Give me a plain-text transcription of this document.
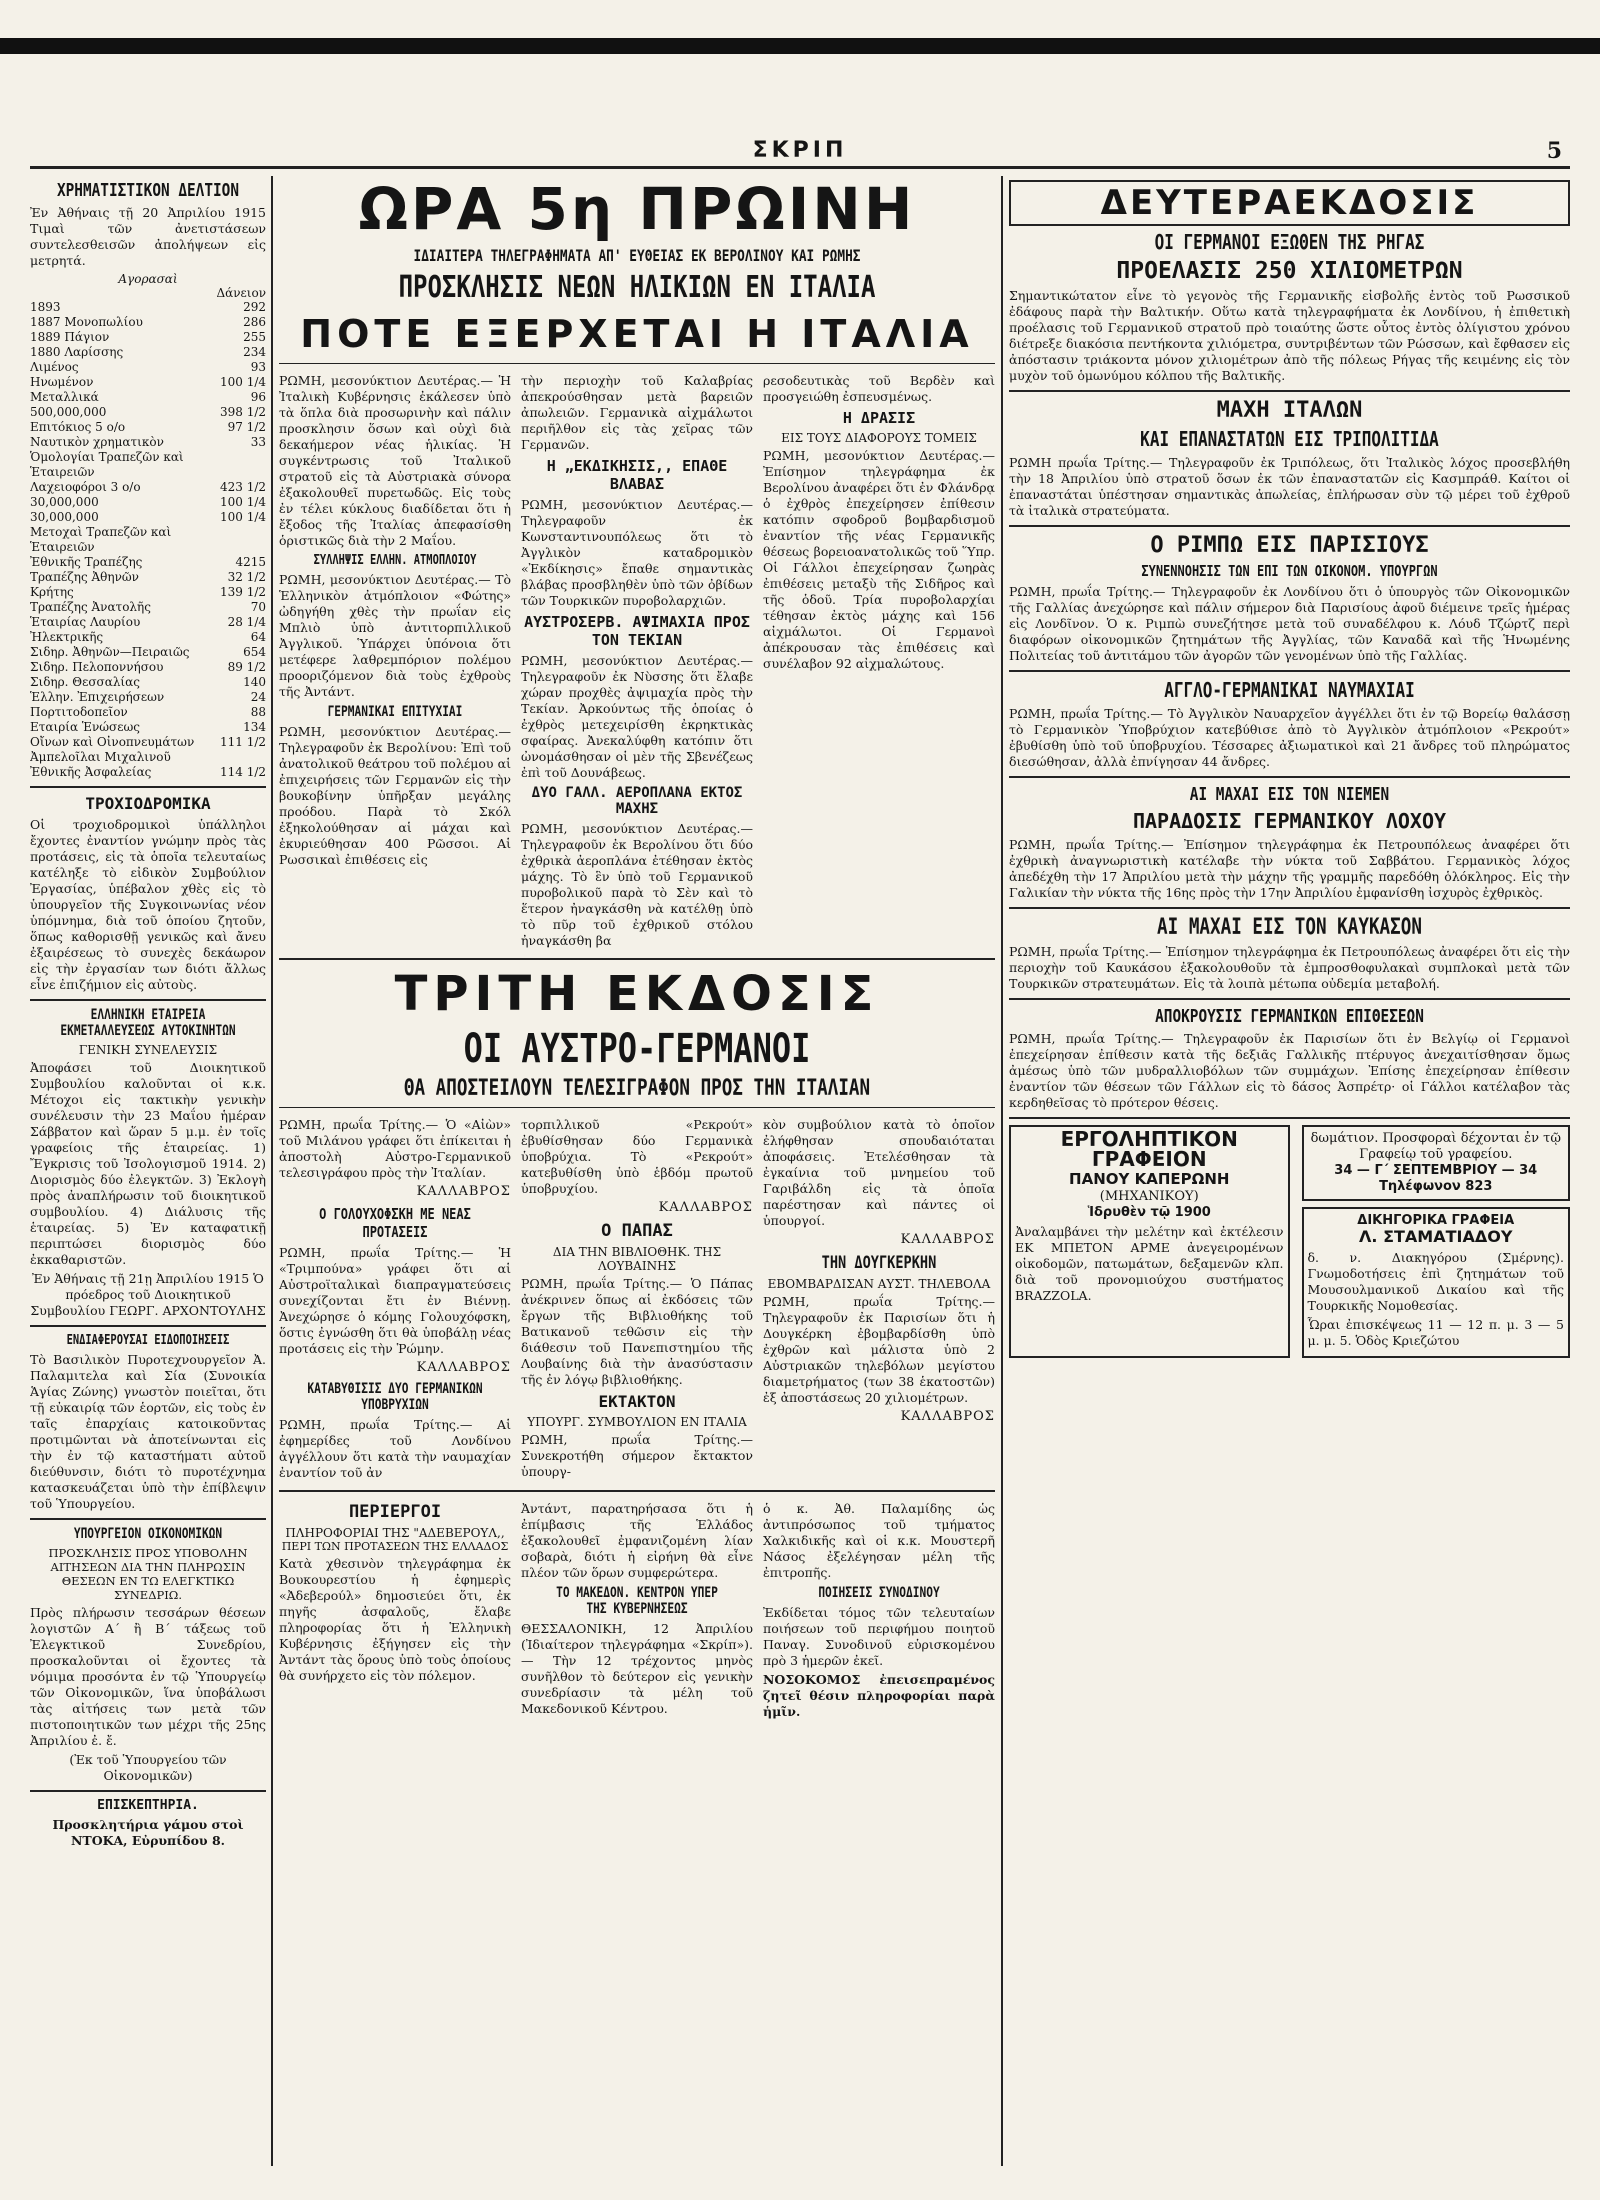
ΣΚΡΙΠ	5
ΧΡΗΜΑΤΙΣΤΙΚΟΝ ΔΕΛΤΙΟΝ

Ἐν Ἀθήναις τῇ 20 Ἀπριλίου 1915 Τιμαὶ τῶν ἀνετιστάσεων συντελεσθεισῶν ἀπολήψεων εἰς μετρητά.

Αγορασαὶ
Δάνειον
1893	292
1887 Μονοπωλίου	286
1889 Πάγιον	255
1880 Λαρίσσης	234
Λιμένος	93
Ηνωμένον	100 1/4
Μεταλλικά	96
500,000,000	398 1/2
Επιτόκιος 5 ο/ο	97 1/2
Ναυτικὸν χρηματικὸν	33
Ὁμολογίαι Τραπεζῶν καὶ Ἑταιρειῶν	
Λαχειοφόροι 3 ο/ο	423 1/2
30,000,000	100 1/4
30,000,000	100 1/4
Μετοχαὶ Τραπεζῶν καὶ Ἑταιρειῶν	
Ἐθνικῆς Τραπέζης	4215
Τραπέζης Ἀθηνῶν	32 1/2
Κρήτης	139 1/2
Τραπέζης Ἀνατολῆς	70
Ἑταιρίας Λαυρίου	28 1/4
Ἠλεκτρικῆς	64
Σιδηρ. Ἀθηνῶν—Πειραιῶς	654
Σιδηρ. Πελοποννήσου	89 1/2
Σιδηρ. Θεσσαλίας	140
Ἑλλην. Ἐπιχειρήσεων	24
Πορτιτοδοπεῖον	88
Εταιρία Ἑνώσεως	134
Οἴνων καὶ Οἰνοπνευμάτων	111 1/2
Ἀμπελοῖλαι Μιχαλινοῦ	
Ἐθνικῆς Ἀσφαλείας	114 1/2
ΤΡΟΧΙΟΔΡΟΜΙΚΑ

Οἱ τροχιοδρομικοὶ ὑπάλληλοι ἔχοντες ἐναντίον γνώμην πρὸς τὰς προτάσεις, εἰς τὰ ὁποῖα τελευταίως κατέληξε τὸ εἰδικὸν Συμβούλιον Ἐργασίας, ὑπέβαλον χθὲς εἰς τὸ ὑπουργεῖον τῆς Συγκοινωνίας νέον ὑπόμνημα, διὰ τοῦ ὁποίου ζητοῦν, ὅπως καθορισθῇ γενικῶς καὶ ἄνευ ἐξαιρέσεως τὸ συνεχὲς δεκάωρον εἰς τὴν ἐργασίαν των διότι ἄλλως εἶνε ἐπιζήμιον εἰς αὐτοὺς.

ΕΛΛΗΝΙΚΗ ΕΤΑΙΡΕΙΑ ΕΚΜΕΤΑΛΛΕΥΣΕΩΣ ΑΥΤΟΚΙΝΗΤΩΝ
ΓΕΝΙΚΗ ΣΥΝΕΛΕΥΣΙΣ

Ἀποφάσει τοῦ Διοικητικοῦ Συμβουλίου καλοῦνται οἱ κ.κ. Μέτοχοι εἰς τακτικὴν γενικὴν συνέλευσιν τὴν 23 Μαΐου ἡμέραν Σάββατον καὶ ὥραν 5 μ.μ. ἐν τοῖς γραφείοις τῆς ἑταιρείας. 1) Ἔγκρισις τοῦ Ἰσολογισμοῦ 1914. 2) Διορισμὸς δύο ἐλεγκτῶν. 3) Ἐκλογὴ πρὸς ἀναπλήρωσιν τοῦ διοικητικοῦ συμβουλίου. 4) Διάλυσις τῆς ἑταιρείας. 5) Ἐν καταφατικῇ περιπτώσει διορισμὸς δύο ἐκκαθαριστῶν.

Ἐν Ἀθήναις τῇ 21ῃ Ἀπριλίου 1915 Ὁ πρόεδρος τοῦ Διοικητικοῦ Συμβουλίου ΓΕΩΡΓ. ΑΡΧΟΝΤΟΥΛΗΣ

ΕΝΔΙΑΦΕΡΟΥΣΑΙ ΕΙΔΟΠΟΙΗΣΕΙΣ

Τὸ Βασιλικὸν Πυροτεχνουργεῖον Ἀ. Παλαμιτελα καὶ Σία (Συνοικία Ἁγίας Ζώνης) γνωστὸν ποιεῖται, ὅτι τῇ εὐκαιρίᾳ τῶν ἑορτῶν, εἰς τοὺς ἐν ταῖς ἐπαρχίαις κατοικοῦντας προτιμῶνται νὰ ἀποτείνωνται εἰς τὴν ἐν τῷ καταστήματι αὐτοῦ διεύθυνσιν, διότι τὸ πυροτέχνημα κατασκευάζεται ὑπὸ τὴν ἐπίβλεψιν τοῦ Ὑπουργείου.

ΥΠΟΥΡΓΕΙΟΝ ΟΙΚΟΝΟΜΙΚΩΝ
ΠΡΟΣΚΛΗΣΙΣ ΠΡΟΣ ΥΠΟΒΟΛΗΝ ΑΙΤΗΣΕΩΝ ΔΙΑ ΤΗΝ ΠΛΗΡΩΣΙΝ ΘΕΣΕΩΝ ΕΝ ΤΩ ΕΛΕΓΚΤΙΚΩ ΣΥΝΕΔΡΙΩ.

Πρὸς πλήρωσιν τεσσάρων θέσεων λογιστῶν Α΄ ἢ Β΄ τάξεως τοῦ Ἐλεγκτικοῦ Συνεδρίου, προσκαλοῦνται οἱ ἔχοντες τὰ νόμιμα προσόντα ἐν τῷ Ὑπουργείῳ τῶν Οἰκονομικῶν, ἵνα ὑποβάλωσι τὰς αἰτήσεις των μετὰ τῶν πιστοποιητικῶν των μέχρι τῆς 25ης Ἀπριλίου ἐ. ἔ.

(Ἐκ τοῦ Ὑπουργείου τῶν Οἰκονομικῶν)

ΕΠΙΣΚΕΠΤΗΡΙΑ.

Προσκλητήρια γάμου στοὶ ΝΤΟΚΑ, Εὐρυπίδου 8.

ΩΡΑ 5η ΠΡΩΙΝΗ
ΙΔΙΑΙΤΕΡΑ ΤΗΛΕΓΡΑΦΗΜΑΤΑ ΑΠ' ΕΥΘΕΙΑΣ ΕΚ ΒΕΡΟΛΙΝΟΥ ΚΑΙ ΡΩΜΗΣ
ΠΡΟΣΚΛΗΣΙΣ ΝΕΩΝ ΗΛΙΚΙΩΝ ΕΝ ΙΤΑΛΙΑ
ΠΟΤΕ ΕΞΕΡΧΕΤΑΙ Η ΙΤΑΛΙΑ

ΡΩΜΗ, μεσονύκτιον Δευτέρας.— Ἡ Ἰταλικὴ Κυβέρνησις ἐκάλεσεν ὑπὸ τὰ ὅπλα διὰ προσωρινὴν καὶ πάλιν προσκλησιν ὅσων καὶ οὐχὶ διὰ δεκαήμερον νέας ἡλικίας. Ἡ συγκέντρωσις τοῦ Ἰταλικοῦ στρατοῦ εἰς τὰ Αὐστριακὰ σύνορα ἐξακολουθεῖ πυρετωδῶς. Εἰς τοὺς ἐν τέλει κύκλους διαδίδεται ὅτι ἡ ἔξοδος τῆς Ἰταλίας ἀπεφασίσθη ὁριστικῶς διὰ τὴν 2 Μαΐου.

ΣΥΛΛΗΨΙΣ ΕΛΛΗΝ. ΑΤΜΟΠΛΟΙΟΥ

ΡΩΜΗ, μεσονύκτιον Δευτέρας.— Τὸ Ἑλληνικὸν ἀτμόπλοιον «Φώτης» ὠδηγήθη χθὲς τὴν πρωΐαν εἰς Μπλιὸ ὑπὸ ἀντιτορπιλλικοῦ Ἀγγλικοῦ. Ὑπάρχει ὑπόνοια ὅτι μετέφερε λαθρεμπόριον πολέμου προοριζόμενον διὰ τοὺς ἐχθροὺς τῆς Ἀντάντ.

ΓΕΡΜΑΝΙΚΑΙ ΕΠΙΤΥΧΙΑΙ

ΡΩΜΗ, μεσονύκτιον Δευτέρας.— Τηλεγραφοῦν ἐκ Βερολίνου: Ἐπὶ τοῦ ἀνατολικοῦ θεάτρου τοῦ πολέμου αἱ ἐπιχειρήσεις τῶν Γερμανῶν εἰς τὴν βουκοβίνην ὑπῆρξαν μεγάλης προόδου. Παρὰ τὸ Σκόλ ἐξηκολούθησαν αἱ μάχαι καὶ ἐκυριεύθησαν 400 Ρῶσσοι. Αἱ Ρωσσικαὶ ἐπιθέσεις εἰς

τὴν περιοχὴν τοῦ Καλαβρίας ἀπεκρούσθησαν μετὰ βαρειῶν ἀπωλειῶν. Γερμανικὰ αἰχμάλωτοι περιῆλθον εἰς τὰς χεῖρας τῶν Γερμανῶν.

Η „ΕΚΔΙΚΗΣΙΣ,, ΕΠΑΘΕ ΒΛΑΒΑΣ

ΡΩΜΗ, μεσονύκτιον Δευτέρας.— Τηλεγραφοῦν ἐκ Κωνσταντινουπόλεως ὅτι τὸ Ἀγγλικὸν καταδρομικὸν «Ἐκδίκησις» ἔπαθε σημαντικὰς βλάβας προσβληθὲν ὑπὸ τῶν ὀβίδων τῶν Τουρκικῶν πυροβολαρχιῶν.

ΑΥΣΤΡΟΣΕΡΒ. ΑΨΙΜΑΧΙΑ ΠΡΟΣ ΤΟΝ ΤΕΚΙΑΝ

ΡΩΜΗ, μεσονύκτιον Δευτέρας.— Τηλεγραφοῦν ἐκ Νὺσσης ὅτι ἔλαβε χώραν προχθὲς ἀψιμαχία πρὸς τὴν Τεκίαν. Ἀρκούντως τῆς ὁποίας ὁ ἐχθρὸς μετεχειρίσθη ἐκρηκτικὰς σφαίρας. Ἀνεκαλύφθη κατόπιν ὅτι ὠνομάσθησαν οἱ μὲν τῆς Σβενέζεως ἐπὶ τοῦ Δουνάβεως.

ΔΥΟ ΓΑΛΛ. ΑΕΡΟΠΛΑΝΑ ΕΚΤΟΣ ΜΑΧΗΣ

ΡΩΜΗ, μεσονύκτιον Δευτέρας.— Τηλεγραφοῦν ἐκ Βερολίνου ὅτι δύο ἐχθρικὰ ἀεροπλάνα ἐτέθησαν ἐκτὸς μάχης. Τὸ ἓν ὑπὸ τοῦ Γερμανικοῦ πυροβολικοῦ παρὰ τὸ Σὲν καὶ τὸ ἕτερον ἠναγκάσθη νὰ κατέλθῃ ὑπὸ τὸ πῦρ τοῦ ἐχθρικοῦ στόλου ἠναγκάσθη βα

ρεσοδευτικὰς τοῦ Βερδὲν καὶ προσγειώθη ἐσπευσμένως.

Η ΔΡΑΣΙΣ
ΕΙΣ ΤΟΥΣ ΔΙΑΦΟΡΟΥΣ ΤΟΜΕΙΣ

ΡΩΜΗ, μεσονύκτιον Δευτέρας.— Ἐπίσημον τηλεγράφημα ἐκ Βερολίνου ἀναφέρει ὅτι ἐν Φλάνδρᾳ ὁ ἐχθρὸς ἐπεχείρησεν ἐπίθεσιν κατόπιν σφοδροῦ βομβαρδισμοῦ ἐναντίον τῆς νέας Γερμανικῆς θέσεως βορειοανατολικῶς τοῦ Ὕπρ. Οἱ Γάλλοι ἐπεχείρησαν ζωηρὰς ἐπιθέσεις μεταξὺ τῆς Σιδῆρος καὶ τῆς ὁδοῦ. Τρία πυροβολαρχίαι τέθησαν ἐκτὸς μάχης καὶ 156 αἰχμάλωτοι. Οἱ Γερμανοὶ ἀπέκρουσαν τὰς ἐπιθέσεις καὶ συνέλαβον 92 αἰχμαλώτους.

ΤΡΙΤΗ ΕΚΔΟΣΙΣ
ΟΙ ΑΥΣΤΡΟ-ΓΕΡΜΑΝΟΙ
ΘΑ ΑΠΟΣΤΕΙΛΟΥΝ ΤΕΛΕΣΙΓΡΑΦΟΝ ΠΡΟΣ ΤΗΝ ΙΤΑΛΙΑΝ

ΡΩΜΗ, πρωΐα Τρίτης.— Ὁ «Αἰὼν» τοῦ Μιλάνου γράφει ὅτι ἐπίκειται ἡ ἀποστολὴ Αὐστρο-Γερμανικοῦ τελεσιγράφου πρὸς τὴν Ἰταλίαν.

ΚΑΛΛΑΒΡΟΣ
Ο ΓΟΛΟΥΧΟΦΣΚΗ ΜΕ ΝΕΑΣ ΠΡΟΤΑΣΕΙΣ

ΡΩΜΗ, πρωΐα Τρίτης.— Ἡ «Τριμπούνα» γράφει ὅτι αἱ Αὐστροϊταλικαὶ διαπραγματεύσεις συνεχίζονται ἔτι ἐν Βιέννῃ. Ἀνεχώρησε ὁ κόμης Γολουχόφσκη, ὅστις ἐγνώσθη ὅτι θὰ ὑποβάλῃ νέας προτάσεις εἰς τὴν Ῥώμην.

ΚΑΛΛΑΒΡΟΣ
ΚΑΤΑΒΥΘΙΣΙΣ ΔΥΟ ΓΕΡΜΑΝΙΚΩΝ ΥΠΟΒΡΥΧΙΩΝ

ΡΩΜΗ, πρωΐα Τρίτης.— Αἱ ἐφημερίδες τοῦ Λονδίνου ἀγγέλλουν ὅτι κατὰ τὴν ναυμαχίαν ἐναντίον τοῦ ἀν

τορπιλλικοῦ «Ρεκρούτ» ἐβυθίσθησαν δύο Γερμανικὰ ὑποβρύχια. Τὸ «Ρεκρούτ» κατεβυθίσθη ὑπὸ ἑβδόμ πρωτοῦ ὑποβρυχίου.

ΚΑΛΛΑΒΡΟΣ
Ο ΠΑΠΑΣ
ΔΙΑ ΤΗΝ ΒΙΒΛΙΟΘΗΚ. ΤΗΣ ΛΟΥΒΑΙΝΗΣ

ΡΩΜΗ, πρωΐα Τρίτης.— Ὁ Πάπας ἀνέκρινεν ὅπως αἱ ἐκδόσεις τῶν ἔργων τῆς Βιβλιοθήκης τοῦ Βατικανοῦ τεθῶσιν εἰς τὴν διάθεσιν τοῦ Πανεπιστημίου τῆς Λουβαίνης διὰ τὴν ἀνασύστασιν τῆς ἐν λόγῳ βιβλιοθήκης.

ΕΚΤΑΚΤΟΝ
ΥΠΟΥΡΓ. ΣΥΜΒΟΥΛΙΟΝ ΕΝ ΙΤΑΛΙΑ

ΡΩΜΗ, πρωΐα Τρίτης.— Συνεκροτήθη σήμερον ἔκτακτον ὑπουργ-

κὸν συμβούλιον κατὰ τὸ ὁποῖον ἐλήφθησαν σπουδαιόταται ἀποφάσεις. Ἐτελέσθησαν τὰ ἐγκαίνια τοῦ μνημείου τοῦ Γαριβάλδη εἰς τὰ ὁποῖα παρέστησαν καὶ πάντες οἱ ὑπουργοί.

ΚΑΛΛΑΒΡΟΣ
ΤΗΝ ΔΟΥΓΚΕΡΚΗΝ
ΕΒΟΜΒΑΡΔΙΣΑΝ ΑΥΣΤ. ΤΗΛΕΒΟΛΑ

ΡΩΜΗ, πρωΐα Τρίτης.— Τηλεγραφοῦν ἐκ Παρισίων ὅτι ἡ Δουγκέρκη ἐβομβαρδίσθη ὑπὸ ἐχθρῶν καὶ μάλιστα ὑπὸ 2 Αὐστριακῶν τηλεβόλων μεγίστου διαμετρήματος (των 38 ἑκατοστῶν) ἐξ ἀποστάσεως 20 χιλιομέτρων.

ΚΑΛΛΑΒΡΟΣ
ΠΕΡΙΕΡΓΟΙ
ΠΛΗΡΟΦΟΡΙΑΙ ΤΗΣ "ΑΔΕΒΕΡΟΥΛ,,
ΠΕΡΙ ΤΩΝ ΠΡΟΤΑΣΕΩΝ ΤΗΣ ΕΛΛΑΔΟΣ

Κατὰ χθεσινὸν τηλεγράφημα ἐκ Βουκουρεστίου ἡ ἐφημερὶς «Ἀδεβερούλ» δημοσιεύει ὅτι, ἐκ πηγῆς ἀσφαλοῦς, ἔλαβε πληροφορίας ὅτι ἡ Ἑλληνικὴ Κυβέρνησις ἐξήγησεν εἰς τὴν Ἀντάντ τὰς ὅρους ὑπὸ τοὺς ὁποίους θὰ συνήρχετο εἰς τὸν πόλεμον.

Ἀντάντ, παρατηρήσασα ὅτι ἡ ἐπίμβασις τῆς Ἑλλάδος ἐξακολουθεῖ ἐμφανιζομένη λίαν σοβαρὰ, διότι ἡ εἰρήνη θὰ εἶνε πλέον τῶν ὅρων συμφερώτερα.

ΤΟ ΜΑΚΕΔΟΝ. ΚΕΝΤΡΟΝ ΥΠΕΡ ΤΗΣ ΚΥΒΕΡΝΗΣΕΩΣ

ΘΕΣΣΑΛΟΝΙΚΗ, 12 Ἀπριλίου (Ἰδιαίτερον τηλεγράφημα «Σκρίπ»).— Τὴν 12 τρέχοντος μηνὸς συνῆλθον τὸ δεύτερον εἰς γενικὴν συνεδρίασιν τὰ μέλη τοῦ Μακεδονικοῦ Κέντρου.

ὁ κ. Ἀθ. Παλαμίδης ὡς ἀντιπρόσωπος τοῦ τμήματος Χαλκιδικῆς καὶ οἱ κ.κ. Μουστερῆ Νάσος ἐξελέγησαν μέλη τῆς ἐπιτροπῆς.

ΠΟΙΗΣΕΙΣ ΣΥΝΟΔΙΝΟΥ

Ἐκδίδεται τόμος τῶν τελευταίων ποιήσεων τοῦ περιφήμου ποιητοῦ Παναγ. Συνοδινοῦ εὑρισκομένου πρὸ 3 ἡμερῶν ἐκεῖ.

ΝΟΣΟΚΟΜΟΣ ἐπεισεπραμένος ζητεῖ θέσιν πληροφορίαι παρὰ ἡμῖν.

ΔΕΥΤΕΡΑΕΚΔΟΣΙΣ
ΟΙ ΓΕΡΜΑΝΟΙ ΕΞΩΘΕΝ ΤΗΣ ΡΗΓΑΣ
ΠΡΟΕΛΑΣΙΣ 250 ΧΙΛΙΟΜΕΤΡΩΝ

Σημαντικώτατον εἶνε τὸ γεγονὸς τῆς Γερμανικῆς εἰσβολῆς ἐντὸς τοῦ Ρωσσικοῦ ἐδάφους παρὰ τὴν Βαλτικήν. Οὕτω κατὰ τηλεγραφήματα ἐκ Λονδίνου, ἡ ἐπιθετικὴ προέλασις τοῦ Γερμανικοῦ στρατοῦ πρὸ τοιαύτης ὥστε οὗτος ἐντὸς ὀλίγιστου χρόνου διέτρεξε διακόσια πεντήκοντα χιλιόμετρα, συντριβέντων τῶν Ρώσσων, καὶ ἔφθασεν εἰς ἀπόστασιν τριάκοντα μόνον χιλιομέτρων ἀπὸ τῆς πόλεως Ρήγας τῆς κειμένης εἰς τὸν μυχὸν τοῦ ὁμωνύμου κόλπου τῆς Βαλτικῆς.

ΜΑΧΗ ΙΤΑΛΩΝ
ΚΑΙ ΕΠΑΝΑΣΤΑΤΩΝ ΕΙΣ ΤΡΙΠΟΛΙΤΙΔΑ

ΡΩΜΗ πρωΐα Τρίτης.— Τηλεγραφοῦν ἐκ Τριπόλεως, ὅτι Ἰταλικὸς λόχος προσεβλήθη τὴν 18 Ἀπριλίου ὑπὸ στρατοῦ ὅσων ἐκ τῶν ἐπαναστατῶν εἰς Κασμπράθ. Καίτοι οἱ ἐπαναστάται ὑπέστησαν σημαντικὰς ἀπωλείας, ἐπλήρωσαν σὺν τῷ μέρει τοῦ ἐχθροῦ τὰ ἰταλικὰ στρατεύματα.

Ο ΡΙΜΠΩ ΕΙΣ ΠΑΡΙΣΙΟΥΣ
ΣΥΝΕΝΝΟΗΣΙΣ ΤΩΝ ΕΠΙ ΤΩΝ ΟΙΚΟΝΟΜ. ΥΠΟΥΡΓΩΝ

ΡΩΜΗ, πρωΐα Τρίτης.— Τηλεγραφοῦν ἐκ Λονδίνου ὅτι ὁ ὑπουργὸς τῶν Οἰκονομικῶν τῆς Γαλλίας ἀνεχώρησε καὶ πάλιν σήμερον διὰ Παρισίους ἀφοῦ διέμεινε τρεῖς ἡμέρας εἰς Λονδῖνον. Ὁ κ. Ριμπὼ συνεζήτησε μετὰ τοῦ συναδέλφου κ. Λόυδ Τζώρτζ περὶ διαφόρων οἰκονομικῶν ζητημάτων τῆς Ἀγγλίας, τῶν Καναδᾶ καὶ τῆς Ἡνωμένης Πολιτείας τοῦ ἀντιτάμου τῶν ἀγορῶν τῶν γενομένων ὑπὸ τῆς Γαλλίας.

ΑΓΓΛΟ-ΓΕΡΜΑΝΙΚΑΙ ΝΑΥΜΑΧΙΑΙ

ΡΩΜΗ, πρωΐα Τρίτης.— Τὸ Ἀγγλικὸν Ναυαρχεῖον ἀγγέλλει ὅτι ἐν τῷ Βορείῳ θαλάσσῃ τὸ Γερμανικὸν Ὑποβρύχιον κατεβύθισε ἀπὸ τὸ Ἀγγλικὸν ἀτμόπλοιον «Ρεκρούτ» ἐβυθίσθη ὑπὸ τοῦ ὑποβρυχίου. Τέσσαρες ἀξιωματικοὶ καὶ 21 ἄνδρες τοῦ πληρώματος διεσώθησαν, ἀλλὰ ἐπνίγησαν 44 ἄνδρες.

ΑΙ ΜΑΧΑΙ ΕΙΣ ΤΟΝ ΝΙΕΜΕΝ
ΠΑΡΑΔΟΣΙΣ ΓΕΡΜΑΝΙΚΟΥ ΛΟΧΟΥ

ΡΩΜΗ, πρωΐα Τρίτης.— Ἐπίσημον τηλεγράφημα ἐκ Πετρουπόλεως ἀναφέρει ὅτι ἐχθρικὴ ἀναγνωριστικὴ κατέλαβε τὴν νύκτα τοῦ Σαββάτου. Γερμανικὸς λόχος ἀπεδέχθη τὴν 17 Ἀπριλίου μετὰ τὴν μάχην τῆς γραμμῆς παρεδόθη ὁλόκληρος. Εἰς τὴν Γαλικίαν τὴν νύκτα τῆς 16ης πρὸς τὴν 17ην Ἀπριλίου ἐμφανίσθη ἰσχυρὸς ἐχθρικὸς.

ΑΙ ΜΑΧΑΙ ΕΙΣ ΤΟΝ ΚΑΥΚΑΣΟΝ

ΡΩΜΗ, πρωΐα Τρίτης.— Ἐπίσημον τηλεγράφημα ἐκ Πετρουπόλεως ἀναφέρει ὅτι εἰς τὴν περιοχὴν τοῦ Καυκάσου ἐξακολουθοῦν τὰ ἐμπροσθοφυλακαὶ συμπλοκαὶ μετὰ τῶν Τουρκικῶν στρατευμάτων. Εἰς τὰ λοιπὰ μέτωπα οὐδεμία μεταβολή.

ΑΠΟΚΡΟΥΣΙΣ ΓΕΡΜΑΝΙΚΩΝ ΕΠΙΘΕΣΕΩΝ

ΡΩΜΗ, πρωΐα Τρίτης.— Τηλεγραφοῦν ἐκ Παρισίων ὅτι ἐν Βελγίῳ οἱ Γερμανοὶ ἐπεχείρησαν ἐπίθεσιν κατὰ τῆς δεξιᾶς Γαλλικῆς πτέρυγος ἀνεχαιτίσθησαν ὅμως ἀμέσως ὑπὸ τῶν μυδραλλιοβόλων τῶν συμμάχων. Ἐπίσης ἐπεχείρησαν ἐπίθεσιν ἐναντίον τῶν θέσεων τῶν Γάλλων εἰς τὸ δάσος Ἀσπρέτρ· οἱ Γάλλοι κατέλαβον τὰς κερδηθεῖσας τὸ πρότερον θέσεις.

ΕΡΓΟΛΗΠΤΙΚΟΝ ΓΡΑΦΕΙΟΝ
ΠΑΝΟΥ ΚΑΠΕΡΩΝΗ
(ΜΗΧΑΝΙΚΟΥ)
Ἱδρυθὲν τῷ 1900

Ἀναλαμβάνει τὴν μελέτην καὶ ἐκτέλεσιν ΕΚ ΜΠΕΤΟΝ ΑΡΜΕ ἀνεγειρομένων οἰκοδομῶν, πατωμάτων, δεξαμενῶν κλπ. διὰ τοῦ προνομιούχου συστήματος BRAZZOLA.

δωμάτιον. Προσφοραὶ δέχονται ἐν τῷ Γραφείῳ τοῦ γραφείου.
34 — Γ΄ ΣΕΠΤΕΜΒΡΙΟΥ — 34
Τηλέφωνον 823
ΔΙΚΗΓΟΡΙΚΑ ΓΡΑΦΕΙΑ
Λ. ΣΤΑΜΑΤΙΑΔΟΥ

δ. ν. Διακηγόρου (Σμέρνης). Γνωμοδοτήσεις ἐπὶ ζητημάτων τοῦ Μουσουλμανικοῦ Δικαίου καὶ τῆς Τουρκικῆς Νομοθεσίας.

Ὧραι ἐπισκέψεως 11 — 12 π. μ. 3 — 5 μ. μ. 5. Ὁδὸς Κριεζώτου
